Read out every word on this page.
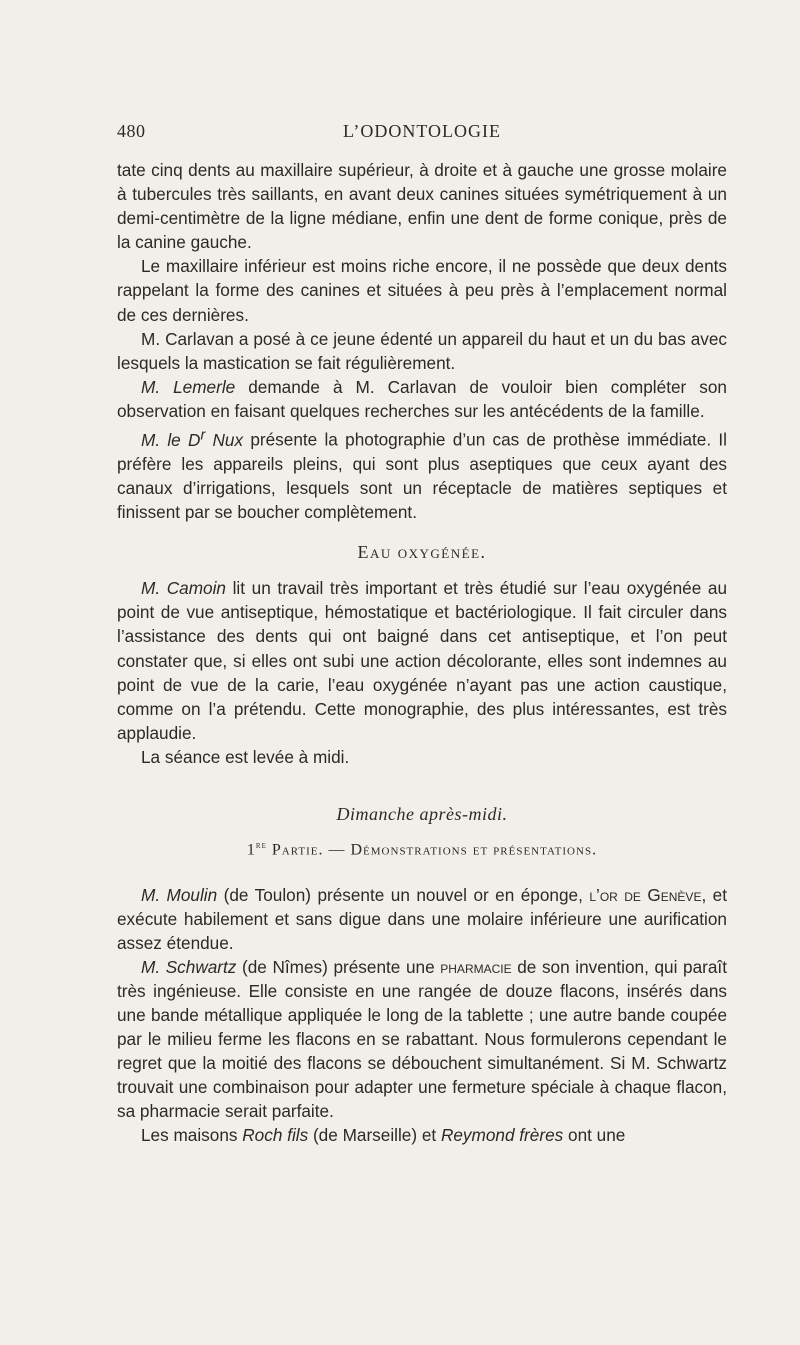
480	L’ODONTOLOGIE

tate cinq dents au maxillaire supérieur, à droite et à gauche une grosse molaire à tubercules très saillants, en avant deux canines situées symétriquement à un demi-centimètre de la ligne médiane, enfin une dent de forme conique, près de la canine gauche.

Le maxillaire inférieur est moins riche encore, il ne possède que deux dents rappelant la forme des canines et situées à peu près à l’emplacement normal de ces dernières.

M. Carlavan a posé à ce jeune édenté un appareil du haut et un du bas avec lesquels la mastication se fait régulièrement.

M. Lemerle demande à M. Carlavan de vouloir bien compléter son observation en faisant quelques recherches sur les antécédents de la famille.

M. le $D^r$ Nux présente la photographie d’un cas de prothèse immédiate. Il préfère les appareils pleins, qui sont plus aseptiques que ceux ayant des canaux d’irrigations, lesquels sont un réceptacle de matières septiques et finissent par se boucher complètement.

Eau oxygénée.

M. Camoin lit un travail très important et très étudié sur l’eau oxygénée au point de vue antiseptique, hémostatique et bactériologique. Il fait circuler dans l’assistance des dents qui ont baigné dans cet antiseptique, et l’on peut constater que, si elles ont subi une action décolorante, elles sont indemnes au point de vue de la carie, l’eau oxygénée n’ayant pas une action caustique, comme on l’a prétendu. Cette monographie, des plus intéressantes, est très applaudie.

La séance est levée à midi.

Dimanche après-midi.
1re Partie. — Démonstrations et présentations.

M. Moulin (de Toulon) présente un nouvel or en éponge, l’or de Genève, et exécute habilement et sans digue dans une molaire inférieure une aurification assez étendue.

M. Schwartz (de Nîmes) présente une pharmacie de son invention, qui paraît très ingénieuse. Elle consiste en une rangée de douze flacons, insérés dans une bande métallique appliquée le long de la tablette ; une autre bande coupée par le milieu ferme les flacons en se rabattant. Nous formulerons cependant le regret que la moitié des flacons se débouchent simultanément. Si M. Schwartz trouvait une combinaison pour adapter une fermeture spéciale à chaque flacon, sa pharmacie serait parfaite.

Les maisons Roch fils (de Marseille) et Reymond frères ont une
